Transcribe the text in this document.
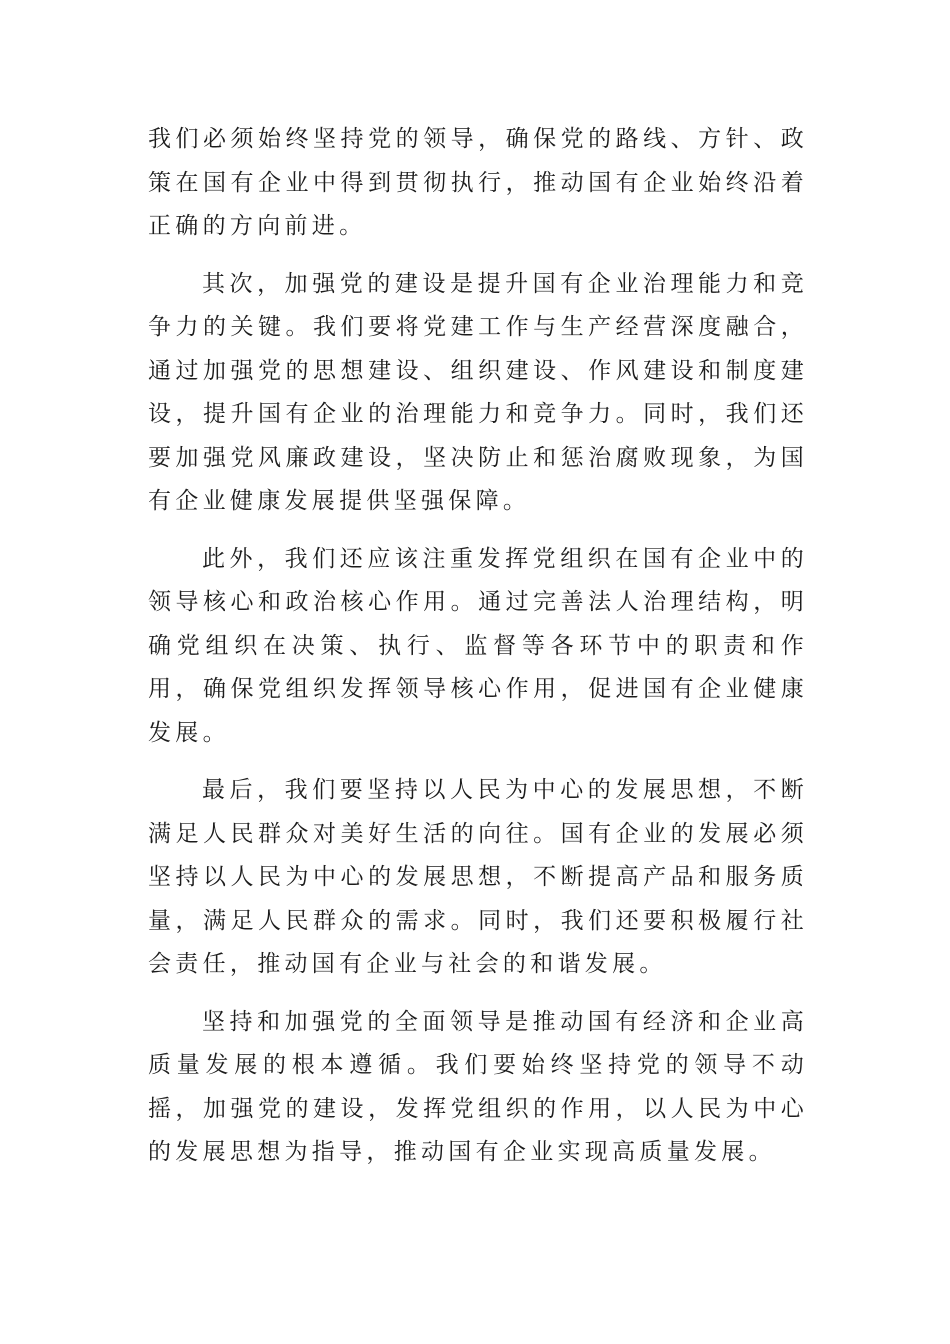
我们必须始终坚持党的领导，确保党的路线、方针、政策在国有企业中得到贯彻执行，推动国有企业始终沿着正确的方向前进。

其次，加强党的建设是提升国有企业治理能力和竞争力的关键。我们要将党建工作与生产经营深度融合，通过加强党的思想建设、组织建设、作风建设和制度建设，提升国有企业的治理能力和竞争力。同时，我们还要加强党风廉政建设，坚决防止和惩治腐败现象，为国有企业健康发展提供坚强保障。

此外，我们还应该注重发挥党组织在国有企业中的领导核心和政治核心作用。通过完善法人治理结构，明确党组织在决策、执行、监督等各环节中的职责和作用，确保党组织发挥领导核心作用，促进国有企业健康发展。

最后，我们要坚持以人民为中心的发展思想，不断满足人民群众对美好生活的向往。国有企业的发展必须坚持以人民为中心的发展思想，不断提高产品和服务质量，满足人民群众的需求。同时，我们还要积极履行社会责任，推动国有企业与社会的和谐发展。

坚持和加强党的全面领导是推动国有经济和企业高质量发展的根本遵循。我们要始终坚持党的领导不动摇，加强党的建设，发挥党组织的作用，以人民为中心的发展思想为指导，推动国有企业实现高质量发展。
